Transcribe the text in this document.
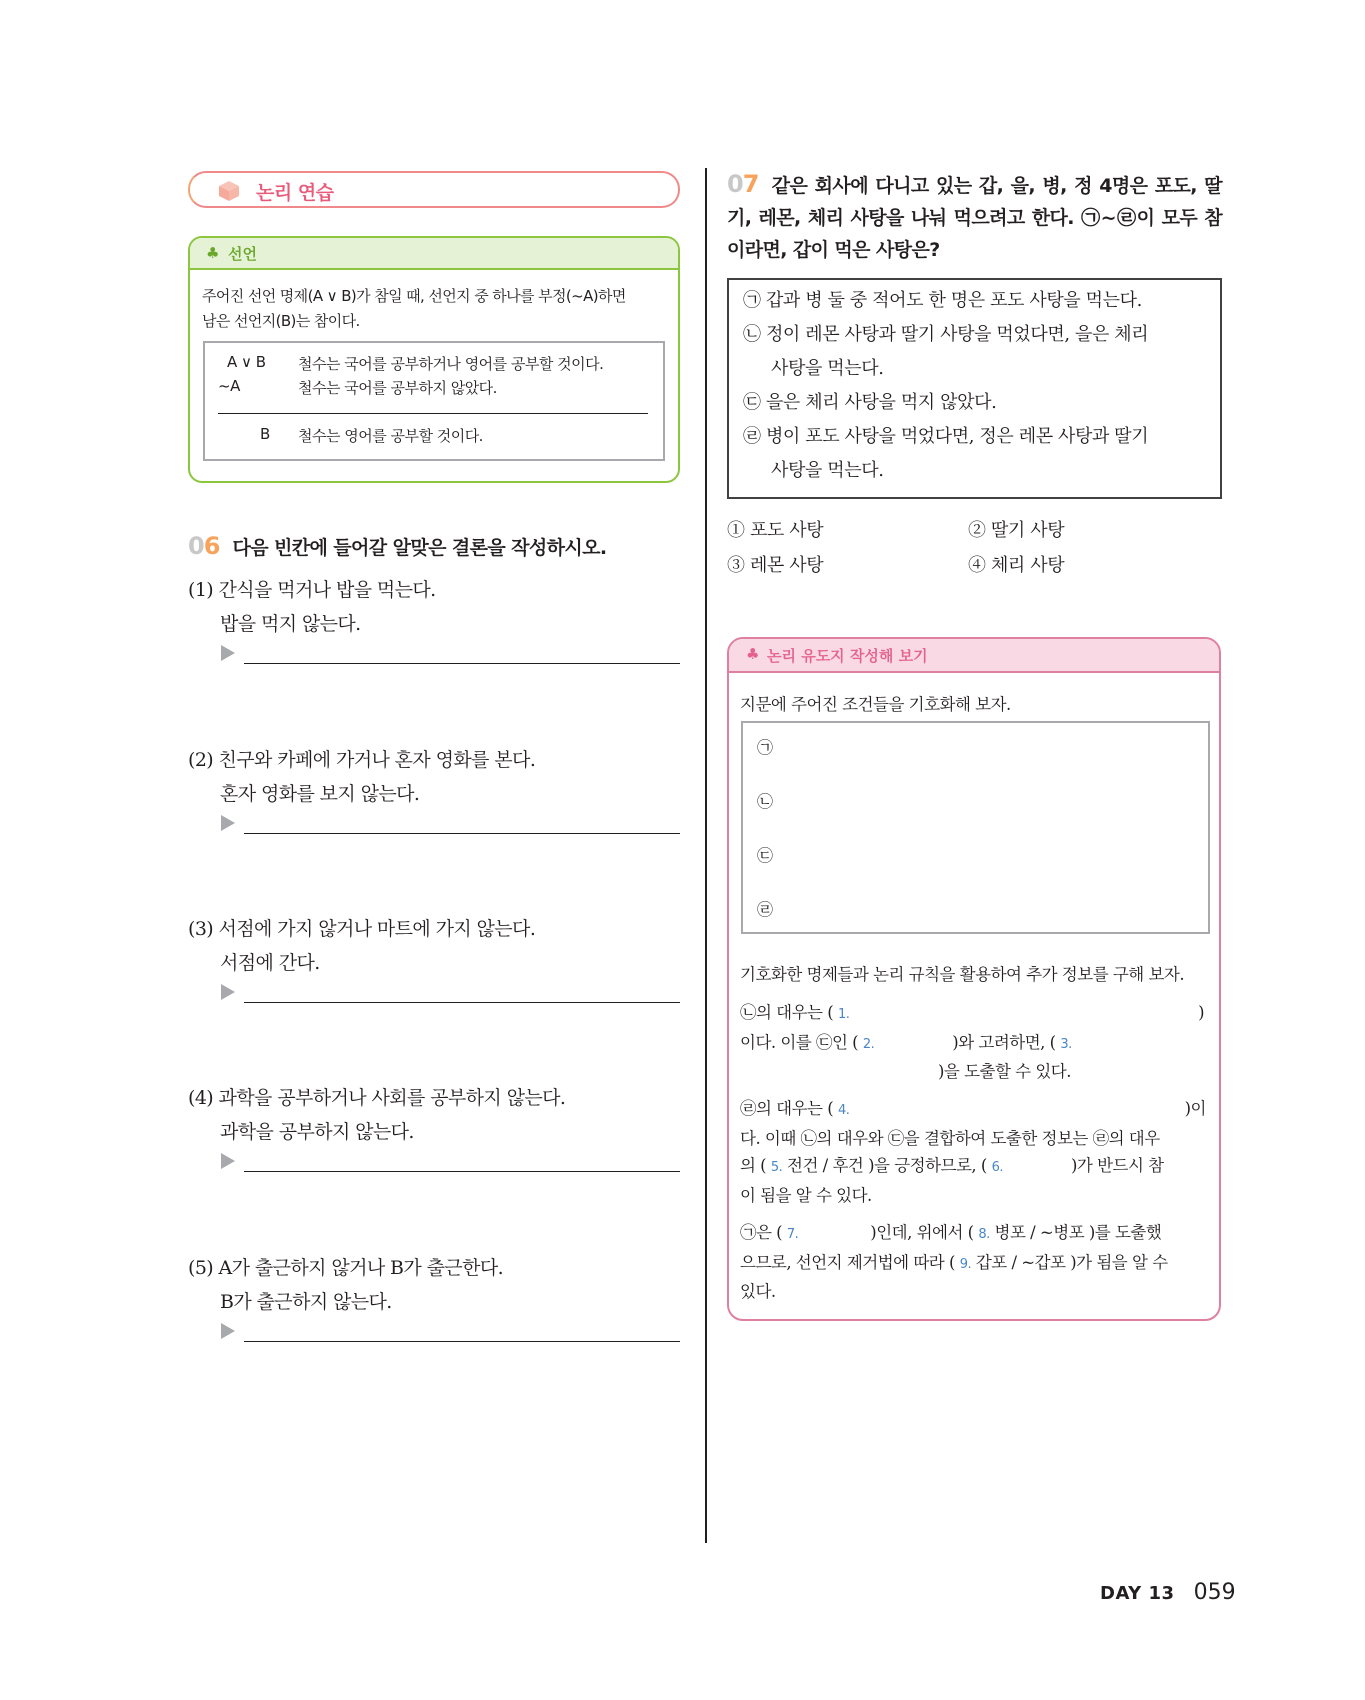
논리 연습
♣ 선언
주어진 선언 명제(A ∨ B)가 참일 때, 선언지 중 하나를 부정(~A)하면
남은 선언지(B)는 참이다.
A ∨ B 철수는 국어를 공부하거나 영어를 공부할 것이다.
~A	철수는 국어를 공부하지 않았다.
B 철수는 영어를 공부할 것이다.
06 다음 빈칸에 들어갈 알맞은 결론을 작성하시오.
(1) 간식을 먹거나 밥을 먹는다.
밥을 먹지 않는다.
(2) 친구와 카페에 가거나 혼자 영화를 본다.
혼자 영화를 보지 않는다.
(3) 서점에 가지 않거나 마트에 가지 않는다.
서점에 간다.
(4) 과학을 공부하거나 사회를 공부하지 않는다.
과학을 공부하지 않는다.
(5) A가 출근하지 않거나 B가 출근한다.
B가 출근하지 않는다.
07 같은 회사에 다니고 있는 갑, 을, 병, 정 4명은 포도, 딸기, 레몬, 체리 사탕을 나눠 먹으려고 한다. ㉠~㉣이 모두 참이라면, 갑이 먹은 사탕은?
㉠ 갑과 병 둘 중 적어도 한 명은 포도 사탕을 먹는다.
㉡ 정이 레몬 사탕과 딸기 사탕을 먹었다면, 을은 체리
사탕을 먹는다.
㉢ 을은 체리 사탕을 먹지 않았다.
㉣ 병이 포도 사탕을 먹었다면, 정은 레몬 사탕과 딸기
사탕을 먹는다.
① 포도 사탕	② 딸기 사탕
③ 레몬 사탕	④ 체리 사탕
♣ 논리 유도지 작성해 보기
지문에 주어진 조건들을 기호화해 보자.
㉠
㉡
㉢
㉣
기호화한 명제들과 논리 규칙을 활용하여 추가 정보를 구해 보자.
㉡의 대우는 ( 1.	)
이다. 이를 ㉢인 ( 2.	)와 고려하면, ( 3.
)을 도출할 수 있다.
㉣의 대우는 ( 4.	)이
다. 이때 ㉡의 대우와 ㉢을 결합하여 도출한 정보는 ㉣의 대우
의 ( 5. 전건 / 후건 )을 긍정하므로, ( 6.	)가 반드시 참
이 됨을 알 수 있다.
㉠은 ( 7.	)인데, 위에서 ( 8. 병포 / ~병포 )를 도출했
으므로, 선언지 제거법에 따라 ( 9. 갑포 / ~갑포 )가 됨을 알 수
있다.
DAY 13 059
